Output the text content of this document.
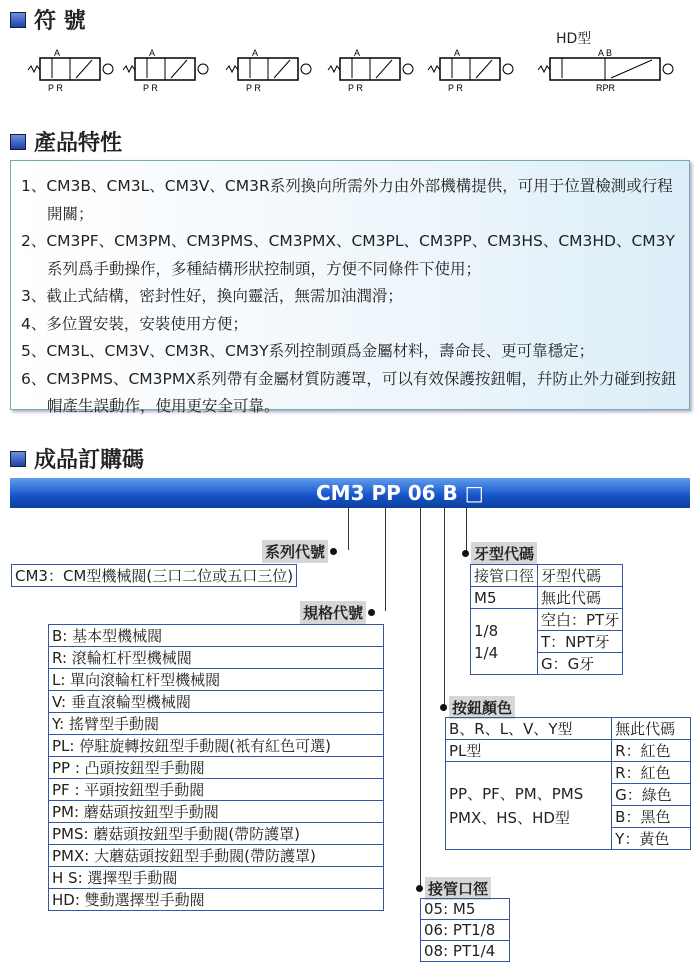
符 號
HD型
A
P R
A
P R
A
P R
A
P R
A
P R
A B
RPR
產品特性
1、CM3B、CM3L、CM3V、CM3R系列換向所需外力由外部機構提供，可用于位置檢測或行程開關；
2、CM3PF、CM3PM、CM3PMS、CM3PMX、CM3PL、CM3PP、CM3HS、CM3HD、CM3Y系列爲手動操作，多種結構形狀控制頭，方便不同條件下使用；
3、截止式結構，密封性好，換向靈活，無需加油潤滑；
4、多位置安裝，安裝使用方便；
5、CM3L、CM3V、CM3R、CM3Y系列控制頭爲金屬材料，壽命長、更可靠穩定；
6、CM3PMS、CM3PMX系列帶有金屬材質防護罩，可以有效保護按鈕帽，幷防止外力碰到按鈕帽產生誤動作，使用更安全可靠。
成品訂購碼
CM3 PP 06 B □
系列代號
CM3：CM型機械閥(三口二位或五口三位)
規格代號
B: 基本型機械閥
R: 滾輪杠杆型機械閥
L: 單向滾輪杠杆型機械閥
V: 垂直滾輪型機械閥
Y: 搖臂型手動閥
PL: 停駐旋轉按鈕型手動閥(衹有紅色可選)
PP : 凸頭按鈕型手動閥
PF : 平頭按鈕型手動閥
PM: 蘑菇頭按鈕型手動閥
PMS: 蘑菇頭按鈕型手動閥(帶防護罩)
PMX: 大蘑菇頭按鈕型手動閥(帶防護罩)
H S: 選擇型手動閥
HD: 雙動選擇型手動閥
牙型代碼
接管口徑	牙型代碼
M5	無此代碼
1/8
1/4	空白：PT牙
	T：NPT牙
	G：G牙
按鈕顏色
B、R、L、V、Y型	無此代碼
PL型	R：紅色
PP、PF、PM、PMS
PMX、HS、HD型	R：紅色
	G：綠色
	B：黑色
	Y：黃色
接管口徑
05: M5
06: PT1/8
08: PT1/4
